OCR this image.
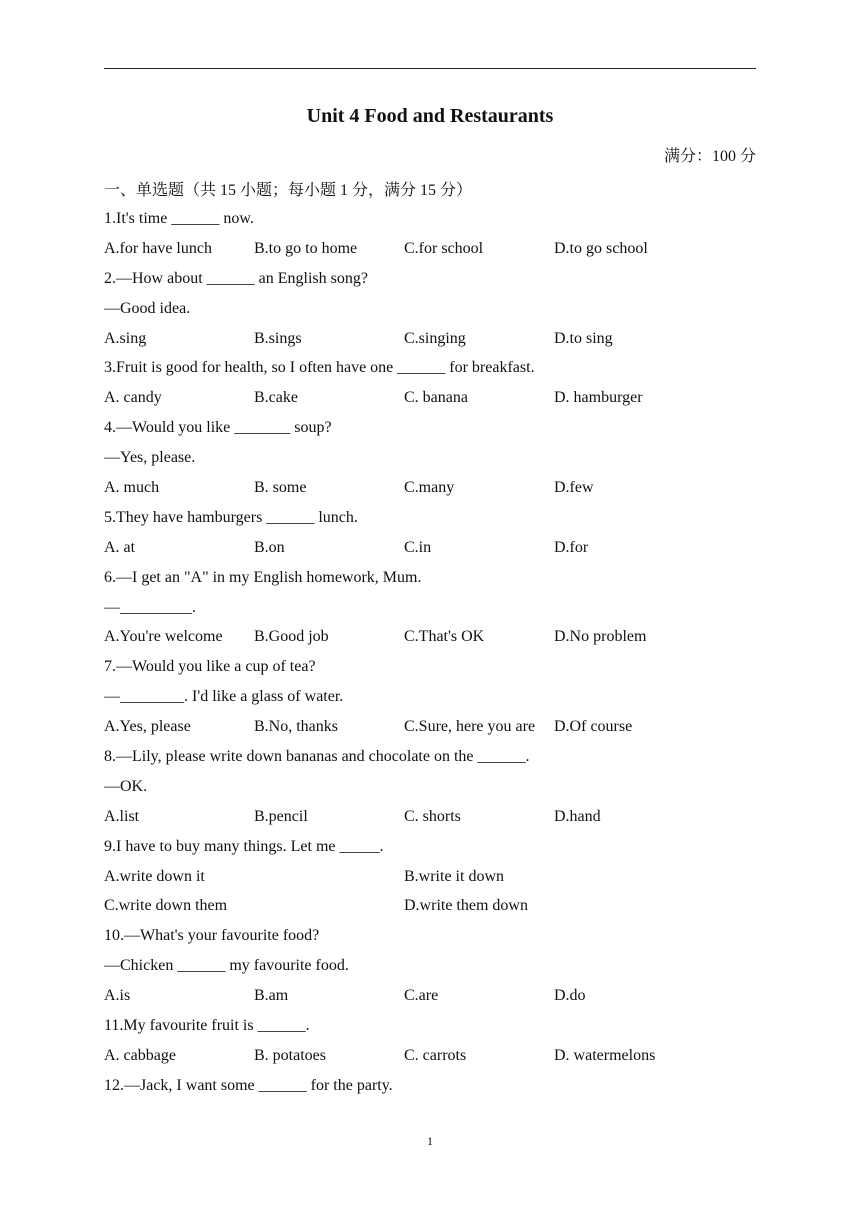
Unit 4 Food and Restaurants
满分：100 分
一、单选题（共 15 小题；每小题 1 分，满分 15 分）
1.It's time ______ now.
A.for have lunch	B.to go to home	C.for school	D.to go school
2.—How about ______ an English song?
—Good idea.
A.sing	B.sings	C.singing	D.to sing
3.Fruit is good for health, so I often have one ______ for breakfast.
A. candy	B.cake	C. banana	D. hamburger
4.—Would you like _______ soup?
—Yes, please.
A. much	B. some	C.many	D.few
5.They have hamburgers ______ lunch.
A. at	B.on	C.in	D.for
6.—I get an "A" in my English homework, Mum.
—_________.
A.You're welcome B.Good job	C.That's OK	D.No problem
7.—Would you like a cup of tea?
—________. I'd like a glass of water.
A.Yes, please	B.No, thanks	C.Sure, here you are D.Of course
8.—Lily, please write down bananas and chocolate on the ______.
—OK.
A.list	B.pencil	C. shorts	D.hand
9.I have to buy many things. Let me _____.
A.write down it	B.write it down
C.write down them	D.write them down
10.—What's your favourite food?
—Chicken ______ my favourite food.
A.is	B.am	C.are	D.do
11.My favourite fruit is ______.
A. cabbage	B. potatoes	C. carrots	D. watermelons
12.—Jack, I want some ______ for the party.
1
